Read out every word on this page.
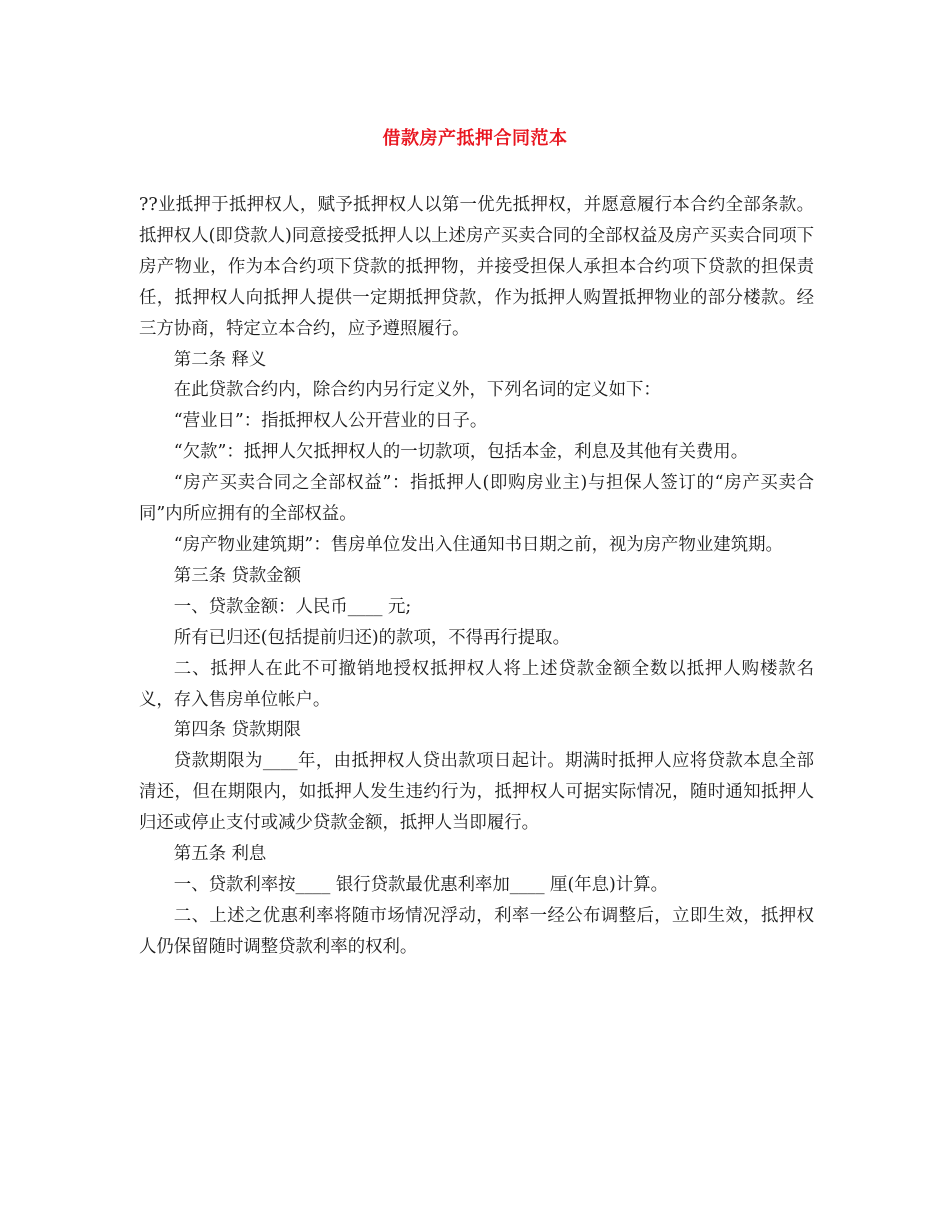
借款房产抵押合同范本

??业抵押于抵押权人，赋予抵押权人以第一优先抵押权，并愿意履行本合约全部条款。抵押权人(即贷款人)同意接受抵押人以上述房产买卖合同的全部权益及房产买卖合同项下房产物业，作为本合约项下贷款的抵押物，并接受担保人承担本合约项下贷款的担保责任，抵押权人向抵押人提供一定期抵押贷款，作为抵押人购置抵押物业的部分楼款。经三方协商，特定立本合约，应予遵照履行。

第二条 释义

在此贷款合约内，除合约内另行定义外，下列名词的定义如下：

“营业日”：指抵押权人公开营业的日子。

“欠款”：抵押人欠抵押权人的一切款项，包括本金，利息及其他有关费用。

“房产买卖合同之全部权益”：指抵押人(即购房业主)与担保人签订的“房产买卖合同”内所应拥有的全部权益。

“房产物业建筑期”：售房单位发出入住通知书日期之前，视为房产物业建筑期。

第三条 贷款金额

一、贷款金额：人民币____ 元;

所有已归还(包括提前归还)的款项，不得再行提取。

二、抵押人在此不可撤销地授权抵押权人将上述贷款金额全数以抵押人购楼款名义，存入售房单位帐户。

第四条 贷款期限

贷款期限为____年，由抵押权人贷出款项日起计。期满时抵押人应将贷款本息全部清还，但在期限内，如抵押人发生违约行为，抵押权人可据实际情况，随时通知抵押人归还或停止支付或减少贷款金额，抵押人当即履行。

第五条 利息

一、贷款利率按____ 银行贷款最优惠利率加____ 厘(年息)计算。

二、上述之优惠利率将随市场情况浮动，利率一经公布调整后，立即生效，抵押权人仍保留随时调整贷款利率的权利。
